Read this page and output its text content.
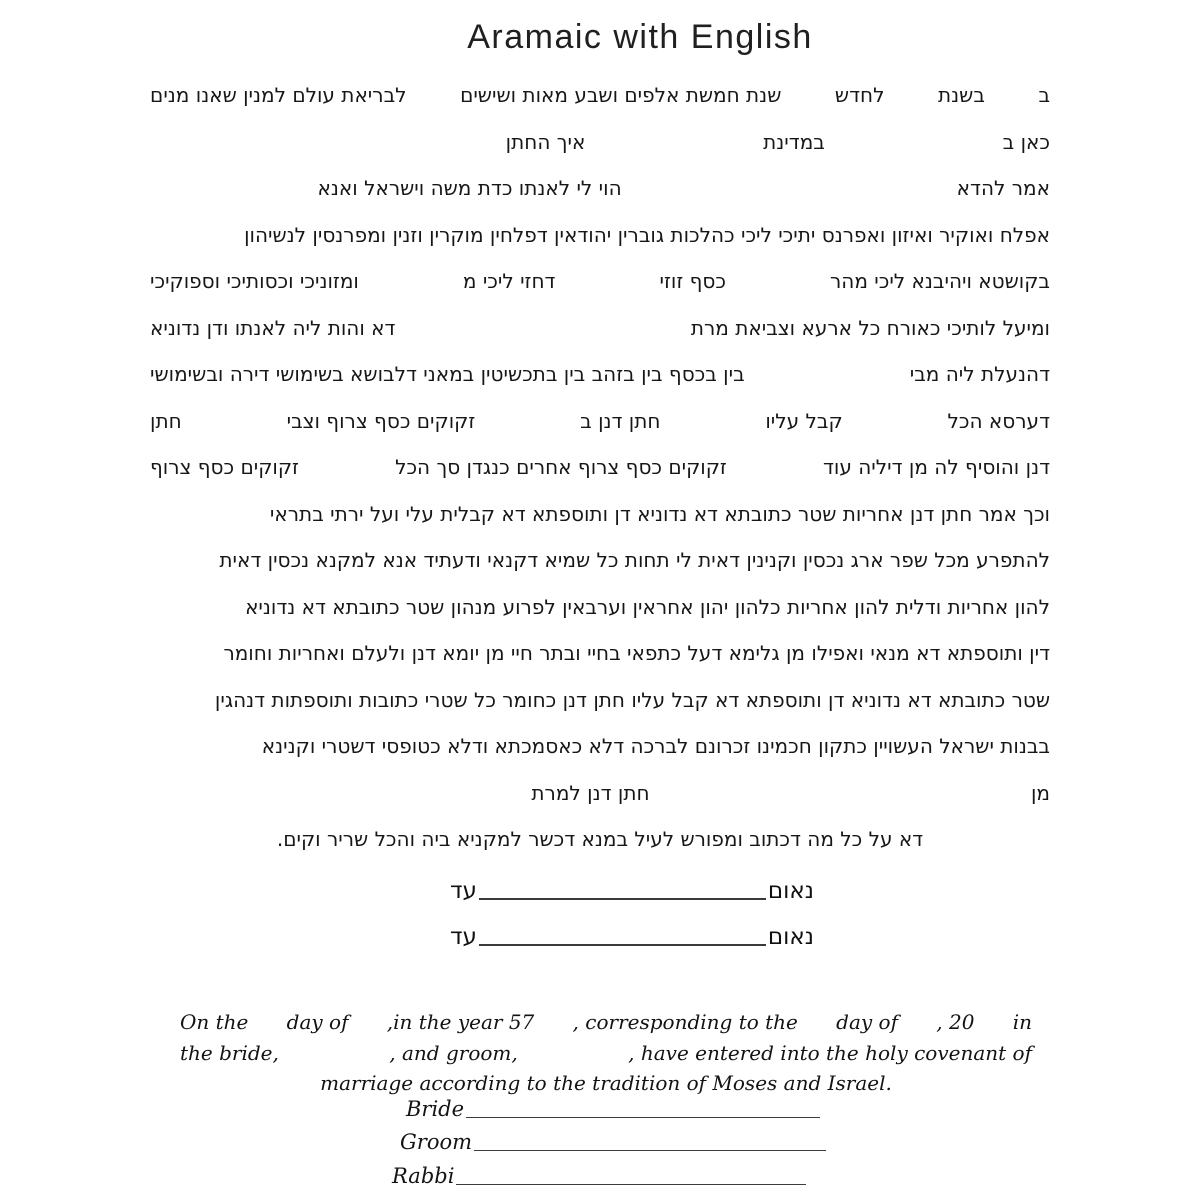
Aramaic with English
ב
בשנת
לחדש
שנת חמשת אלפים ושבע מאות ושישים
לבריאת עולם למנין שאנו מנים
כאן ב
במדינת
איך החתן
אמר להדא
הוי לי לאנתו כדת משה וישראל ואנא
אפלח ואוקיר ואיזון ואפרנס יתיכי ליכי כהלכות גוברין יהודאין דפלחין מוקרין וזנין ומפרנסין לנשיהון
בקושטא ויהיבנא ליכי מהר
כסף זוזי
דחזי ליכי מ
ומזוניכי וכסותיכי וספוקיכי
ומיעל לותיכי כאורח כל ארעא וצביאת מרת
דא והות ליה לאנתו ודן נדוניא
דהנעלת ליה מבי
בין בכסף בין בזהב בין בתכשיטין במאני דלבושא בשימושי דירה ובשימושי
דערסא הכל
קבל עליו
חתן דנן ב
זקוקים כסף צרוף וצבי
חתן
דנן והוסיף לה מן דיליה עוד
זקוקים כסף צרוף אחרים כנגדן סך הכל
זקוקים כסף צרוף
וכך אמר חתן דנן אחריות שטר כתובתא דא נדוניא דן ותוספתא דא קבלית עלי ועל ירתי בתראי
להתפרע מכל שפר ארג נכסין וקנינין דאית לי תחות כל שמיא דקנאי ודעתיד אנא למקנא נכסין דאית
להון אחריות ודלית להון אחריות כלהון יהון אחראין וערבאין לפרוע מנהון שטר כתובתא דא נדוניא
דין ותוספתא דא מנאי ואפילו מן גלימא דעל כתפאי בחיי ובתר חיי מן יומא דנן ולעלם ואחריות וחומר
שטר כתובתא דא נדוניא דן ותוספתא דא קבל עליו חתן דנן כחומר כל שטרי כתובות ותוספתות דנהגין
בבנות ישראל העשויין כתקון חכמינו זכרונם לברכה דלא כאסמכתא ודלא כטופסי דשטרי וקנינא
מן
חתן דנן למרת
דא על כל מה דכתוב ומפורש לעיל במנא דכשר למקניא ביה והכל שריר וקים.
נאום
עד
נאום
עד
On the day of ,in the year 57 , corresponding to the day of , 20 in
the bride,	, and groom,	, have entered into the holy covenant of
marriage according to the tradition of Moses and Israel.
Bride
Groom
Rabbi
